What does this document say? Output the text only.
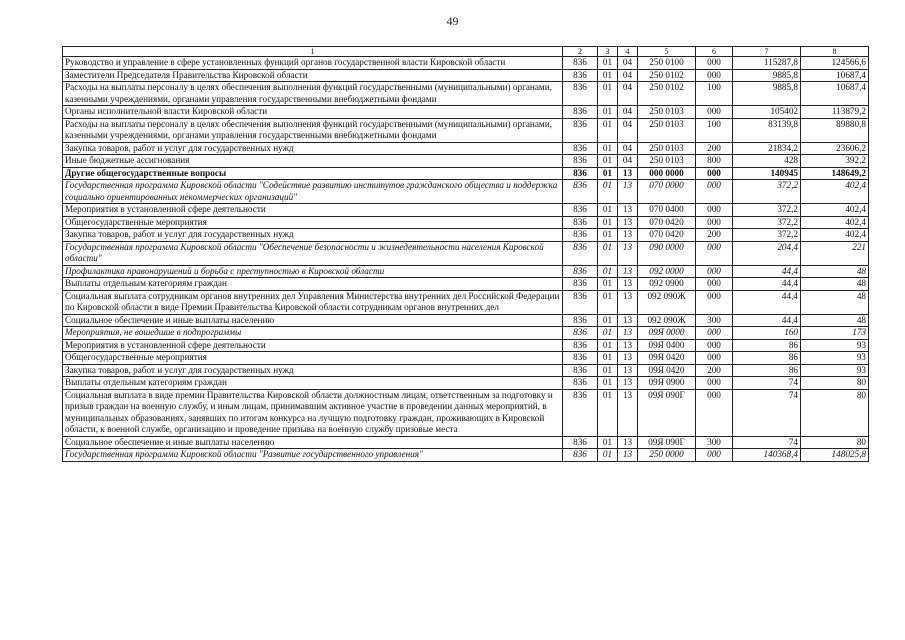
49
1	2	3	4	5	6	7	8
Руководство и управление в сфере установленных функций органов государственной власти Кировской области	836	01	04	250 0100	000	115287,8	124566,6
Заместители Председателя Правительства Кировской области	836	01	04	250 0102	000	9885,8	10687,4
Расходы на выплаты персоналу в целях обеспечения выполнения функций государственными (муниципальными) органами, казенными учреждениями, органами управления государственными внебюджетными фондами	836	01	04	250 0102	100	9885,8	10687,4
Органы исполнительной власти Кировской области	836	01	04	250 0103	000	105402	113879,2
Расходы на выплаты персоналу в целях обеспечения выполнения функций государственными (муниципальными) органами, казенными учреждениями, органами управления государственными внебюджетными фондами	836	01	04	250 0103	100	83139,8	89880,8
Закупка товаров, работ и услуг для государственных нужд	836	01	04	250 0103	200	21834,2	23606,2
Иные бюджетные ассигнования	836	01	04	250 0103	800	428	392,2
Другие общегосударственные вопросы	836	01	13	000 0000	000	140945	148649,2
Государственная программа Кировской области "Содействие развитию институтов гражданского общества и поддержка социально ориентированных некоммерческих организаций"	836	01	13	070 0000	000	372,2	402,4
Мероприятия в установленной сфере деятельности	836	01	13	070 0400	000	372,2	402,4
Общегосударственные мероприятия	836	01	13	070 0420	000	372,2	402,4
Закупка товаров, работ и услуг для государственных нужд	836	01	13	070 0420	200	372,2	402,4
Государственная программа Кировской области "Обеспечение безопасности и жизнедеятельности населения Кировской области"	836	01	13	090 0000	000	204,4	221
Профилактика правонарушений и борьба с преступностью в Кировской области	836	01	13	092 0000	000	44,4	48
Выплаты отдельным категориям граждан	836	01	13	092 0900	000	44,4	48
Социальная выплата сотрудникам органов внутренних дел Управления Министерства внутренних дел Российской Федерации по Кировской области в виде Премии Правительства Кировской области сотрудникам органов внутренних дел	836	01	13	092 090Ж	000	44,4	48
Социальное обеспечение и иные выплаты населению	836	01	13	092 090Ж	300	44,4	48
Мероприятия, не вошедшие в подпрограммы	836	01	13	09Я 0000	000	160	173
Мероприятия в установленной сфере деятельности	836	01	13	09Я 0400	000	86	93
Общегосударственные мероприятия	836	01	13	09Я 0420	000	86	93
Закупка товаров, работ и услуг для государственных нужд	836	01	13	09Я 0420	200	86	93
Выплаты отдельным категориям граждан	836	01	13	09Я 0900	000	74	80
Социальная выплата в виде премии Правительства Кировской области должностным лицам, ответственным за подготовку и призыв граждан на военную службу, и иным лицам, принимавшим активное участие в проведении данных мероприятий, в муниципальных образованиях, занявших по итогам конкурса на лучшую подготовку граждан, проживающих в Кировской области, к военной службе, организацию и проведение призыва на военную службу призовые места	836	01	13	09Я 090Г	000	74	80
Социальное обеспечение и иные выплаты населению	836	01	13	09Я 090Г	300	74	80
Государственная программа Кировской области "Развитие государственного управления"	836	01	13	250 0000	000	140368,4	148025,8
